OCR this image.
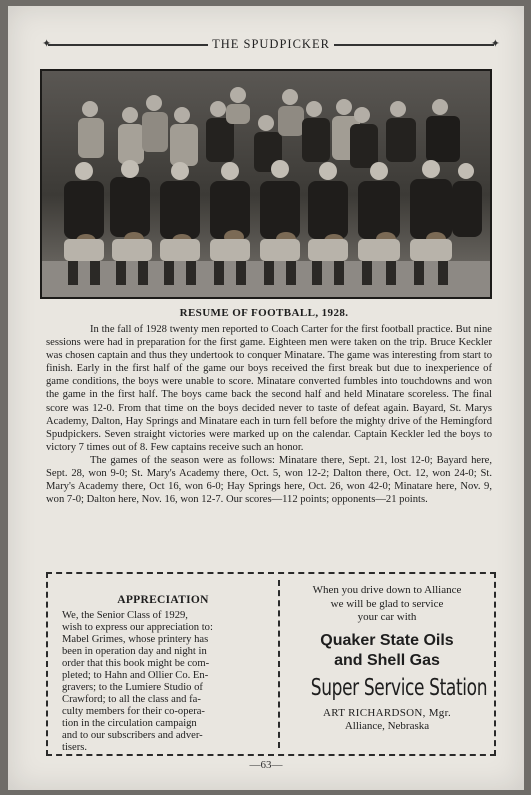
✦	THE SPUDPICKER	✦
RESUME OF FOOTBALL, 1928.

In the fall of 1928 twenty men reported to Coach Carter for the first football practice. But nine sessions were had in preparation for the first game. Eighteen men were taken on the trip. Bruce Keckler was chosen captain and thus they undertook to conquer Minatare. The game was interesting from start to finish. Early in the first half of the game our boys received the first break but due to inexperience of game conditions, the boys were unable to score. Minatare converted fumbles into touchdowns and won the game in the first half. The boys came back the second half and held Minatare scoreless. The final score was 12-0. From that time on the boys decided never to taste of defeat again. Bayard, St. Marys Academy, Dalton, Hay Springs and Minatare each in turn fell before the mighty drive of the Hemingford Spudpickers. Seven straight victories were marked up on the calendar. Captain Keckler led the boys to victory 7 times out of 8. Few captains receive such an honor.

The games of the season were as follows: Minatare there, Sept. 21, lost 12-0; Bayard here, Sept. 28, won 9-0; St. Mary's Academy there, Oct. 5, won 12-2; Dalton there, Oct. 12, won 24-0; St. Mary's Academy there, Oct 16, won 6-0; Hay Springs here, Oct. 26, won 42-0; Minatare here, Nov. 9, won 7-0; Dalton here, Nov. 16, won 12-7. Our scores—112 points; opponents—21 points.

APPRECIATION
We, the Senior Class of 1929,
wish to express our appreciation to:
Mabel Grimes, whose printery has
been in operation day and night in
order that this book might be com-
pleted; to Hahn and Ollier Co. En-
gravers; to the Lumiere Studio of
Crawford; to all the class and fa-
culty members for their co-opera-
tion in the circulation campaign
and to our subscribers and adver-
tisers.
When you drive down to Alliance
we will be glad to service
your car with
Quaker State Oils
and Shell Gas
Super Service Station
ART RICHARDSON, Mgr.
Alliance, Nebraska
—63—
